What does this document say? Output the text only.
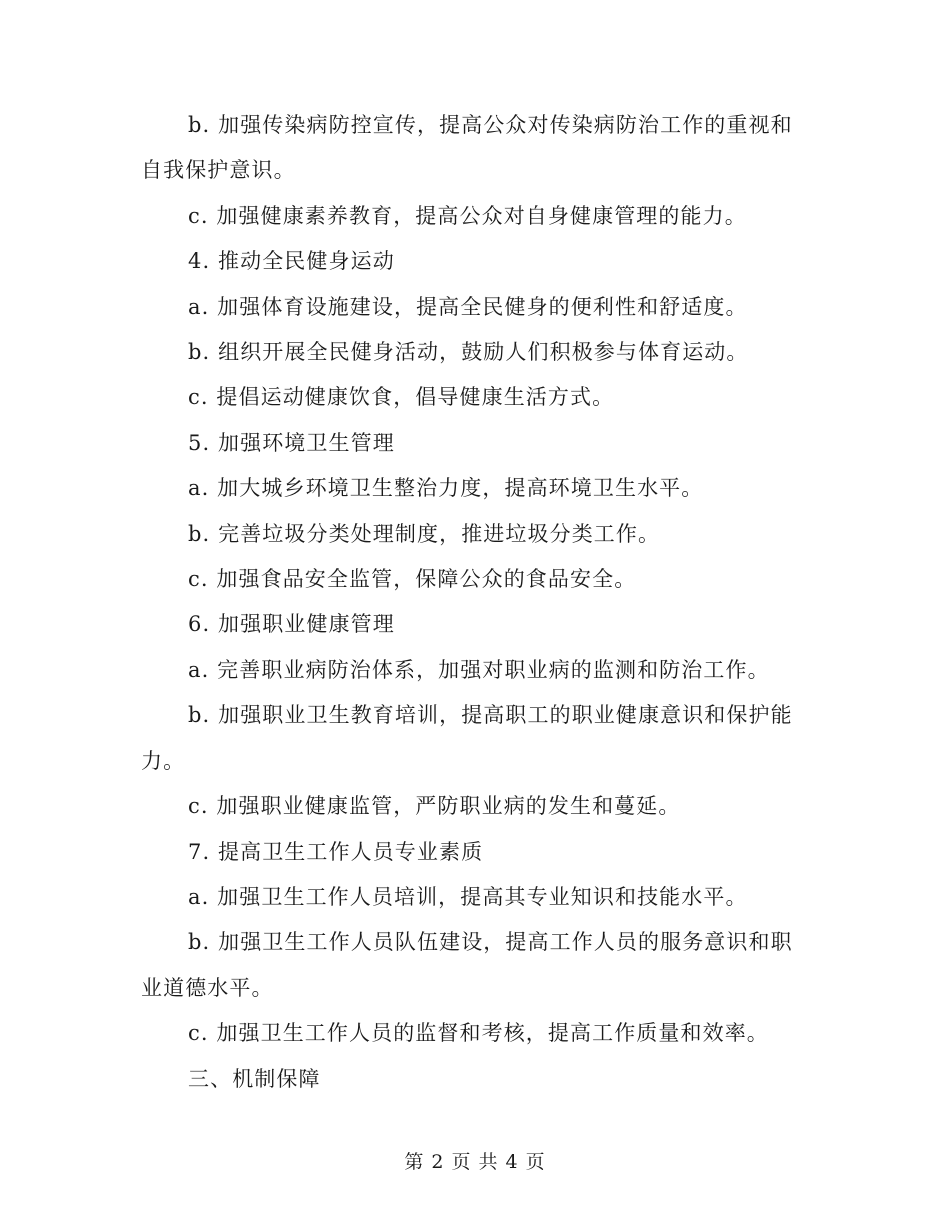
b. 加强传染病防控宣传，提高公众对传染病防治工作的重视和自我保护意识。

c. 加强健康素养教育，提高公众对自身健康管理的能力。

4. 推动全民健身运动

a. 加强体育设施建设，提高全民健身的便利性和舒适度。

b. 组织开展全民健身活动，鼓励人们积极参与体育运动。

c. 提倡运动健康饮食，倡导健康生活方式。

5. 加强环境卫生管理

a. 加大城乡环境卫生整治力度，提高环境卫生水平。

b. 完善垃圾分类处理制度，推进垃圾分类工作。

c. 加强食品安全监管，保障公众的食品安全。

6. 加强职业健康管理

a. 完善职业病防治体系，加强对职业病的监测和防治工作。

b. 加强职业卫生教育培训，提高职工的职业健康意识和保护能力。

c. 加强职业健康监管，严防职业病的发生和蔓延。

7. 提高卫生工作人员专业素质

a. 加强卫生工作人员培训，提高其专业知识和技能水平。

b. 加强卫生工作人员队伍建设，提高工作人员的服务意识和职业道德水平。

c. 加强卫生工作人员的监督和考核，提高工作质量和效率。

三、机制保障

第 2 页 共 4 页
